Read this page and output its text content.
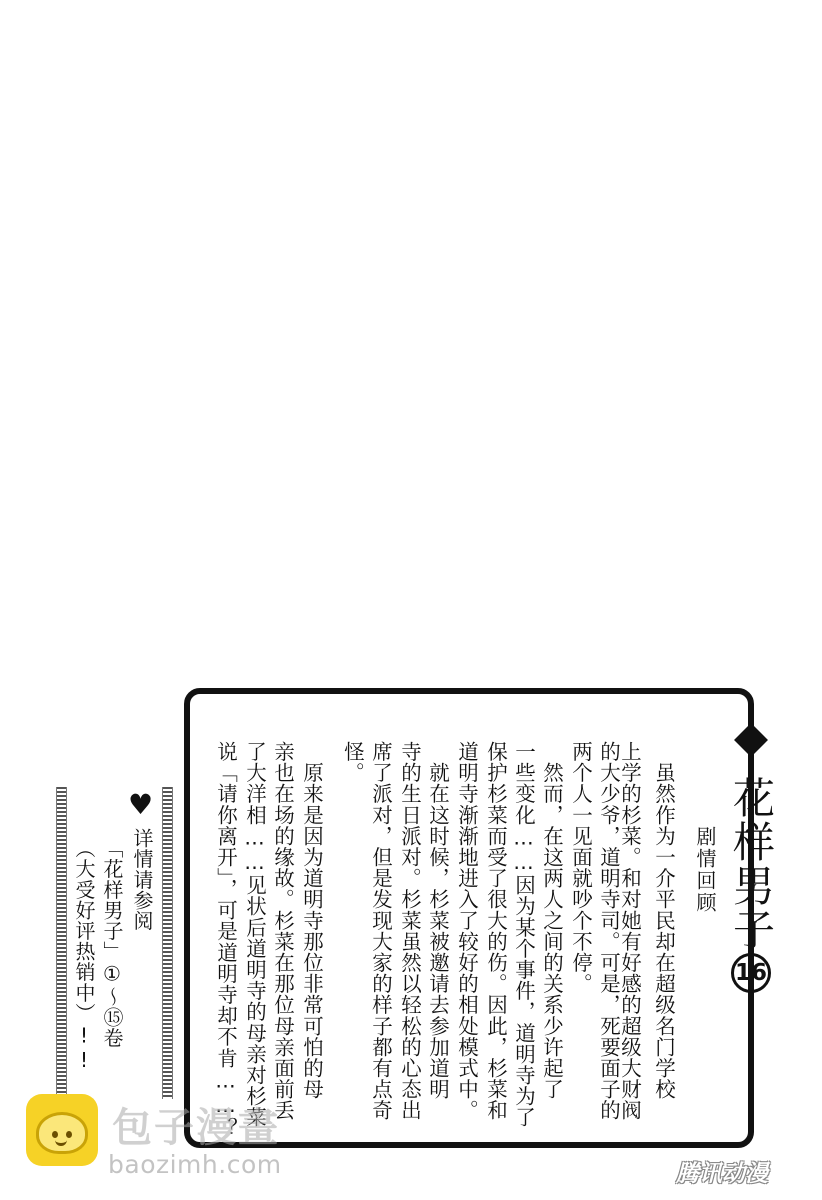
花样男子
16
剧情回顾
　虽然作为一介平民却在超级名门学校
上学的杉菜。和对她有好感的超级大财阀
的大少爷，道明寺司。可是，死要面子的
两个人一见面就吵个不停。
　然而，在这两人之间的关系少许起了
一些变化……因为某个事件，道明寺为了
保护杉菜而受了很大的伤。因此，杉菜和
道明寺渐渐地进入了较好的相处模式中。
　就在这时候，杉菜被邀请去参加道明
寺的生日派对。杉菜虽然以轻松的心态出
席了派对，但是发现大家的样子都有点奇
怪。
　原来是因为道明寺那位非常可怕的母
亲也在场的缘故。杉菜在那位母亲面前丢
了大洋相……见状后道明寺的母亲对杉菜
说「请你离开」，可是道明寺却不肯……？
♥
详情请参阅
「花样男子」①～⑮卷
（大受好评热销中）!!
包子漫畫
baozimh.com	腾讯动漫
